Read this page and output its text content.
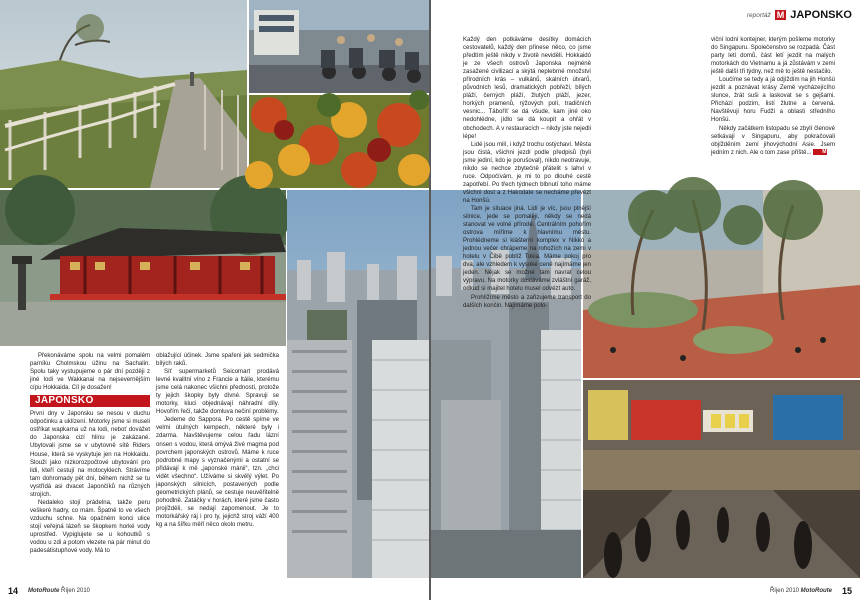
Překonáváme spolu na velmi pomalém parníku Cholmskou úžinu na Sachalin. Spolu taky vystupujeme o pár dní později z jiné lodi ve Wakkanai na nejsevernějším cípu Hokkaida. Cíl je dosažen!

JAPONSKO

První dny v Japonsku se nesou v duchu odpočinku a uklízení. Motorky jsme si museli ostříkat wapkarna už na lodi, neboť dovážet do Japonska cizí hlínu je zakázané. Ubytovali jsme se v ubytovně sítě Riders House, která se vyskytuje jen na Hokkaidu. Slouží jako nízkorozpočtové ubytování pro lidi, kteří cestují na motocyklech. Strávíme tam dohromady pět dní, během nichž se tu vystřídá asi dvacet Japončíků na různých strojích.

Nedaleko stojí prádelna, takže peru veškeré hadry, co mám. Špatně to ve všech vzduchu schne. Na opačném konci ulice stojí veřejná lázeň se škopkem horké vody uprostřed. Vypiglujete se u kohoutků s vodou u zdi a potom vlezete na pár minut do padesátistupňové vody. Má to

oblažující účinek. Jsme spařeni jak sedmička bílých raků.

Síť supermarketů Seicomart prodává levné kvalitní víno z Francie a Itálie, kterému jsme celá nakonec všichni předností, protože ty jejich škopky byly dívné. Spravuji se motorky, kluci objednávají náhradní díly. Hovořím řečí, takže domluva nečiní problémy.

Jedeme do Sappora. Po cestě spíme ve velmi útulných kempech, některé byly i zdarma. Navštěvujeme celou řadu lázní onsen s vodou, která omývá živé magma pod povrchem japonských ostrovů. Máme k ruce podrobné mapy s vyznačenými a ostatní se přidávají k mě „japonské mánii“, tzn. „chci vidět všechno“. Užíváme si skvělý výlet. Po japonských silnicích, postavených podle geometrických plánů, se cestuje neuvěřitelně pohodlně. Zatáčky v horách, které jsme často projížděli, se nedají zapomenout. Je to motorkářský ráj i pro ty, jejichž stroj váží 400 kg a na šířku měří něco okolo metru.

14 MotoRoute Říjen 2010
reportáž M JAPONSKO

Každý den potkáváme desítky domácích cestovatelů, každý den přinese něco, co jsme předtím ještě nikdy v životě neviděli. Hokkaidó je ze všech ostrovů Japonska nejméně zasažené civilizací a skýtá neplebrné množství přírodních krás – vulkánů, skalních útvarů, původních lesů, dramatických pobřeží, bílých pláží, černých pláží, žlutých pláží, jezer, horkých pramenů, rýžových polí, tradičních vesnic... Táboříť se dá všude, kam jiné oko nedohlédne, jídlo se dá koupit a ohřát v obchodech. A v restauracích – nikdy jste nejedli lépe!

Lidé jsou milí, i když trochu ostýchaví. Města jsou čistá, všichni jezdí podle předpisů (byli jsme jediní, kdo je porušoval), nikdo neotravuje, nikdo se nechce zbytečně přátelit s lahví v ruce. Odpočívám, je mi to po dlouhé cestě zapotřebí. Po třech týdnech blbnutí toho máme všichni dost a z Hakodate se necháme převézt na Honšú.

Tam je situace jiná. Lidí je víc, jsou plnější silnice, jede se pomaleji, někdy se nedá stanovat ve volné přírodě. Centrálním pohořím ostrova míříme k hlavnímu městu. Prohlédneme si klášterní komplex v Nikkó a jednou večer chrápeme na rohožích na zemi v hotelu v Čibě poblíž Tokia. Máme pokoj pro dva, ale vzhledem k vysoké ceně najímáme jen jeden. Nějak se možné tam navrat celou výpravu. Na motorky dostáváme zvláštní garáž, odkud si majitel hotelu musel odvézt auto.

Prohlížíme město a zařizujeme transport do dalších končin. Najímáme polo-

viční lodní kontejner, kterým pošleme motorky do Singapuru. Společenstvo se rozpadá. Část party letí domů, část letí jezdit na malých motorkách do Vietnamu a já zůstávám v zemi ještě další tři týdny, než mě to ještě nestačilo.

Loučíme se tedy a já odjíždím na jih Honšú jezdit a poznávat krásy Země vycházejícího slunce, žrát suši a laskovat se s gejšami. Přichází podzim, listí žlutne a červená. Navštěvuji horu Fudži a oblasti středního Honšú.

Někdy začátkem listopadu se zbylí členové setkávají v Singapuru, aby pokračovali objížděním zemí jihovýchodní Asie. Jsem jedním z nich. Ale o tom zase příště... M

Říjen 2010 MotoRoute 15
